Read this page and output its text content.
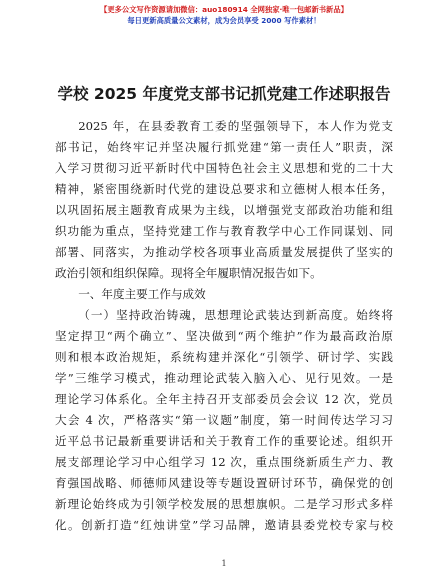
【更多公文写作资源请加微信：auo180914 全网独家·唯一包邮新书新品】
每日更新高质量公文素材，成为会员享受 2000 写作素材！
学校 2025 年度党支部书记抓党建工作述职报告
2025 年，在县委教育工委的坚强领导下，本人作为党支
部书记，始终牢记并坚决履行抓党建“第一责任人”职责，深
入学习贯彻习近平新时代中国特色社会主义思想和党的二十大
精神，紧密围绕新时代党的建设总要求和立德树人根本任务，
以巩固拓展主题教育成果为主线，以增强党支部政治功能和组
织功能为重点，坚持党建工作与教育教学中心工作同谋划、同
部署、同落实，为推动学校各项事业高质量发展提供了坚实的
政治引领和组织保障。现将全年履职情况报告如下。
一、年度主要工作与成效
（一）坚持政治铸魂，思想理论武装达到新高度。始终将
坚定捍卫“两个确立”、坚决做到“两个维护”作为最高政治原
则和根本政治规矩，系统构建并深化“引领学、研讨学、实践
学”三维学习模式，推动理论武装入脑入心、见行见效。一是
理论学习体系化。全年主持召开支部委员会会议 12 次，党员
大会 4 次，严格落实“第一议题”制度，第一时间传达学习习
近平总书记最新重要讲话和关于教育工作的重要论述。组织开
展支部理论学习中心组学习 12 次，重点围绕新质生产力、教
育强国战略、师德师风建设等专题设置研讨环节，确保党的创
新理论始终成为引领学校发展的思想旗帜。二是学习形式多样
化。创新打造“红烛讲堂”学习品牌，邀请县委党校专家与校
1
